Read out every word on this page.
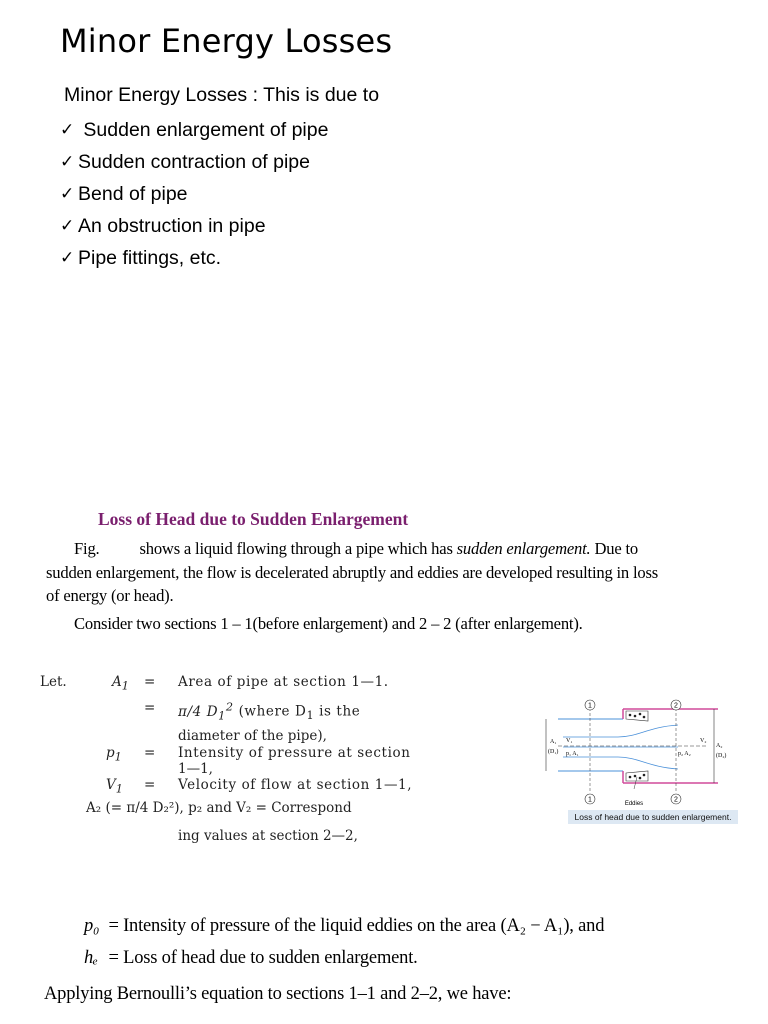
Minor Energy Losses
Minor Energy Losses : This is due to
✓ Sudden enlargement of pipe
✓ Sudden contraction of pipe
✓ Bend of pipe
✓ An obstruction in pipe
✓ Pipe fittings, etc.
Loss of Head due to Sudden Enlargement

Fig. shows a liquid flowing through a pipe which has sudden enlargement. Due to sudden enlargement, the flow is decelerated abruptly and eddies are developed resulting in loss of energy (or head).

Consider two sections 1 – 1(before enlargement) and 2 – 2 (after enlargement).
Let.	$A_1$ = Area of pipe at section 1—1.
= π/4 $D_1^2$ (where $D_1$ is the
diameter of the pipe),
$p_1$ = Intensity of pressure at section
1—1,
$V_1$ = Velocity of flow at section 1—1,
A₂ (= π/4 D₂²), p₂ and V₂ = Correspond
ing values at section 2—2,
1	2
1	2
A₁
(D₁)
V₁
p₁ A₁
V₂
p₂ A₂
A₂
(D₂)
Eddies
Loss of head due to sudden enlargement.
p₀ = Intensity of pressure of the liquid eddies on the area (A₂ − A₁), and
hₑ = Loss of head due to sudden enlargement.
Applying Bernoulli’s equation to sections 1–1 and 2–2, we have:
